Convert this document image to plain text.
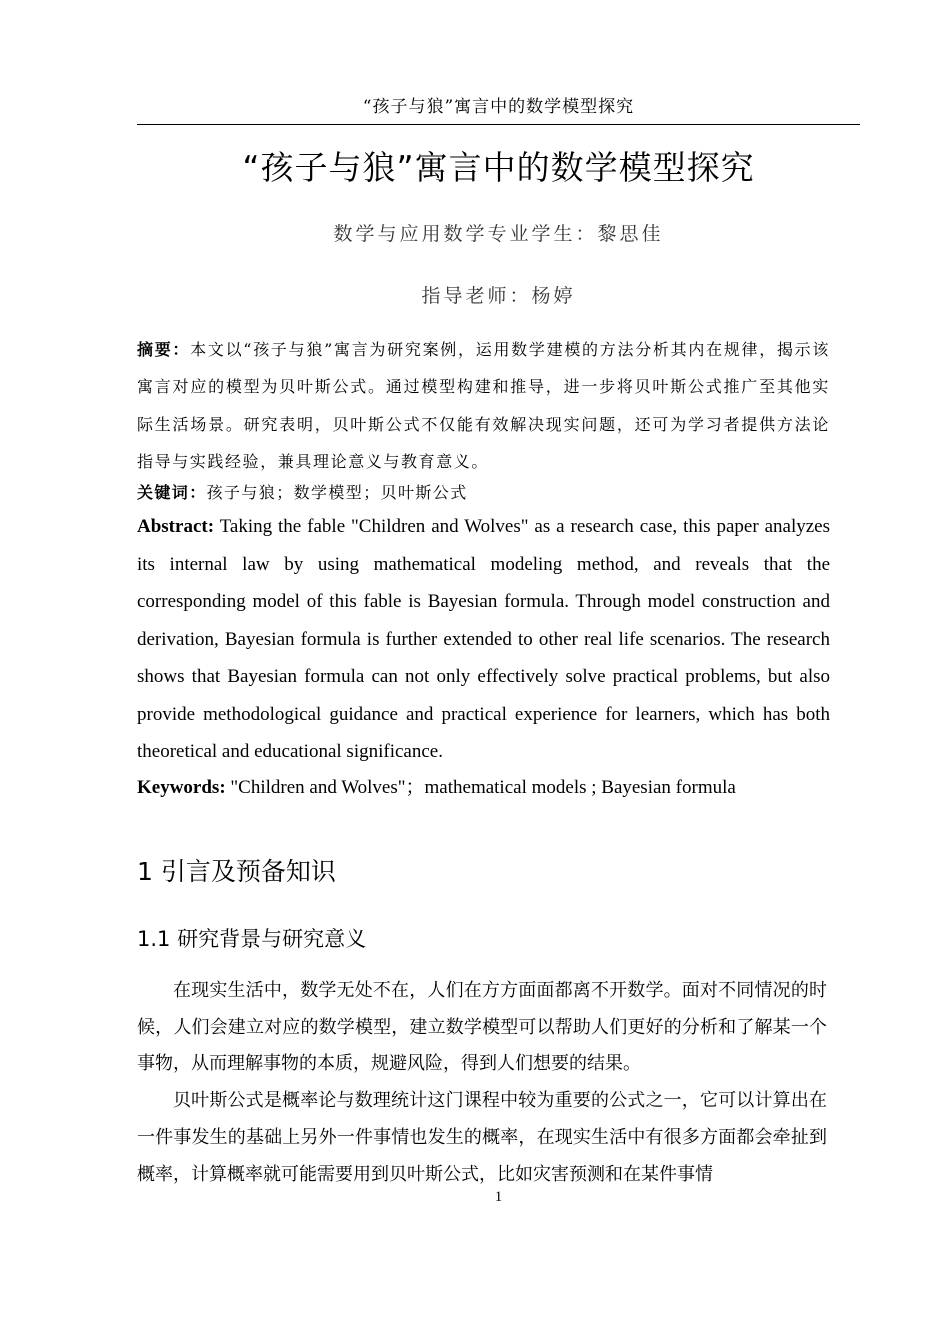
“孩子与狼”寓言中的数学模型探究
“孩子与狼”寓言中的数学模型探究
数学与应用数学专业学生：黎思佳
指导老师：杨婷
摘要：本文以“孩子与狼”寓言为研究案例，运用数学建模的方法分析其内在规律，揭示该寓言对应的模型为贝叶斯公式。通过模型构建和推导，进一步将贝叶斯公式推广至其他实际生活场景。研究表明，贝叶斯公式不仅能有效解决现实问题，还可为学习者提供方法论指导与实践经验，兼具理论意义与教育意义。
关键词：孩子与狼；数学模型；贝叶斯公式
Abstract: Taking the fable "Children and Wolves" as a research case, this paper analyzes its internal law by using mathematical modeling method, and reveals that the corresponding model of this fable is Bayesian formula. Through model construction and derivation, Bayesian formula is further extended to other real life scenarios. The research shows that Bayesian formula can not only effectively solve practical problems, but also provide methodological guidance and practical experience for learners, which has both theoretical and educational significance.
Keywords: "Children and Wolves"；mathematical models ; Bayesian formula
1 引言及预备知识
1.1 研究背景与研究意义

在现实生活中，数学无处不在，人们在方方面面都离不开数学。面对不同情况的时候，人们会建立对应的数学模型，建立数学模型可以帮助人们更好的分析和了解某一个事物，从而理解事物的本质，规避风险，得到人们想要的结果。

贝叶斯公式是概率论与数理统计这门课程中较为重要的公式之一，它可以计算出在一件事发生的基础上另外一件事情也发生的概率，在现实生活中有很多方面都会牵扯到概率，计算概率就可能需要用到贝叶斯公式，比如灾害预测和在某件事情

1
